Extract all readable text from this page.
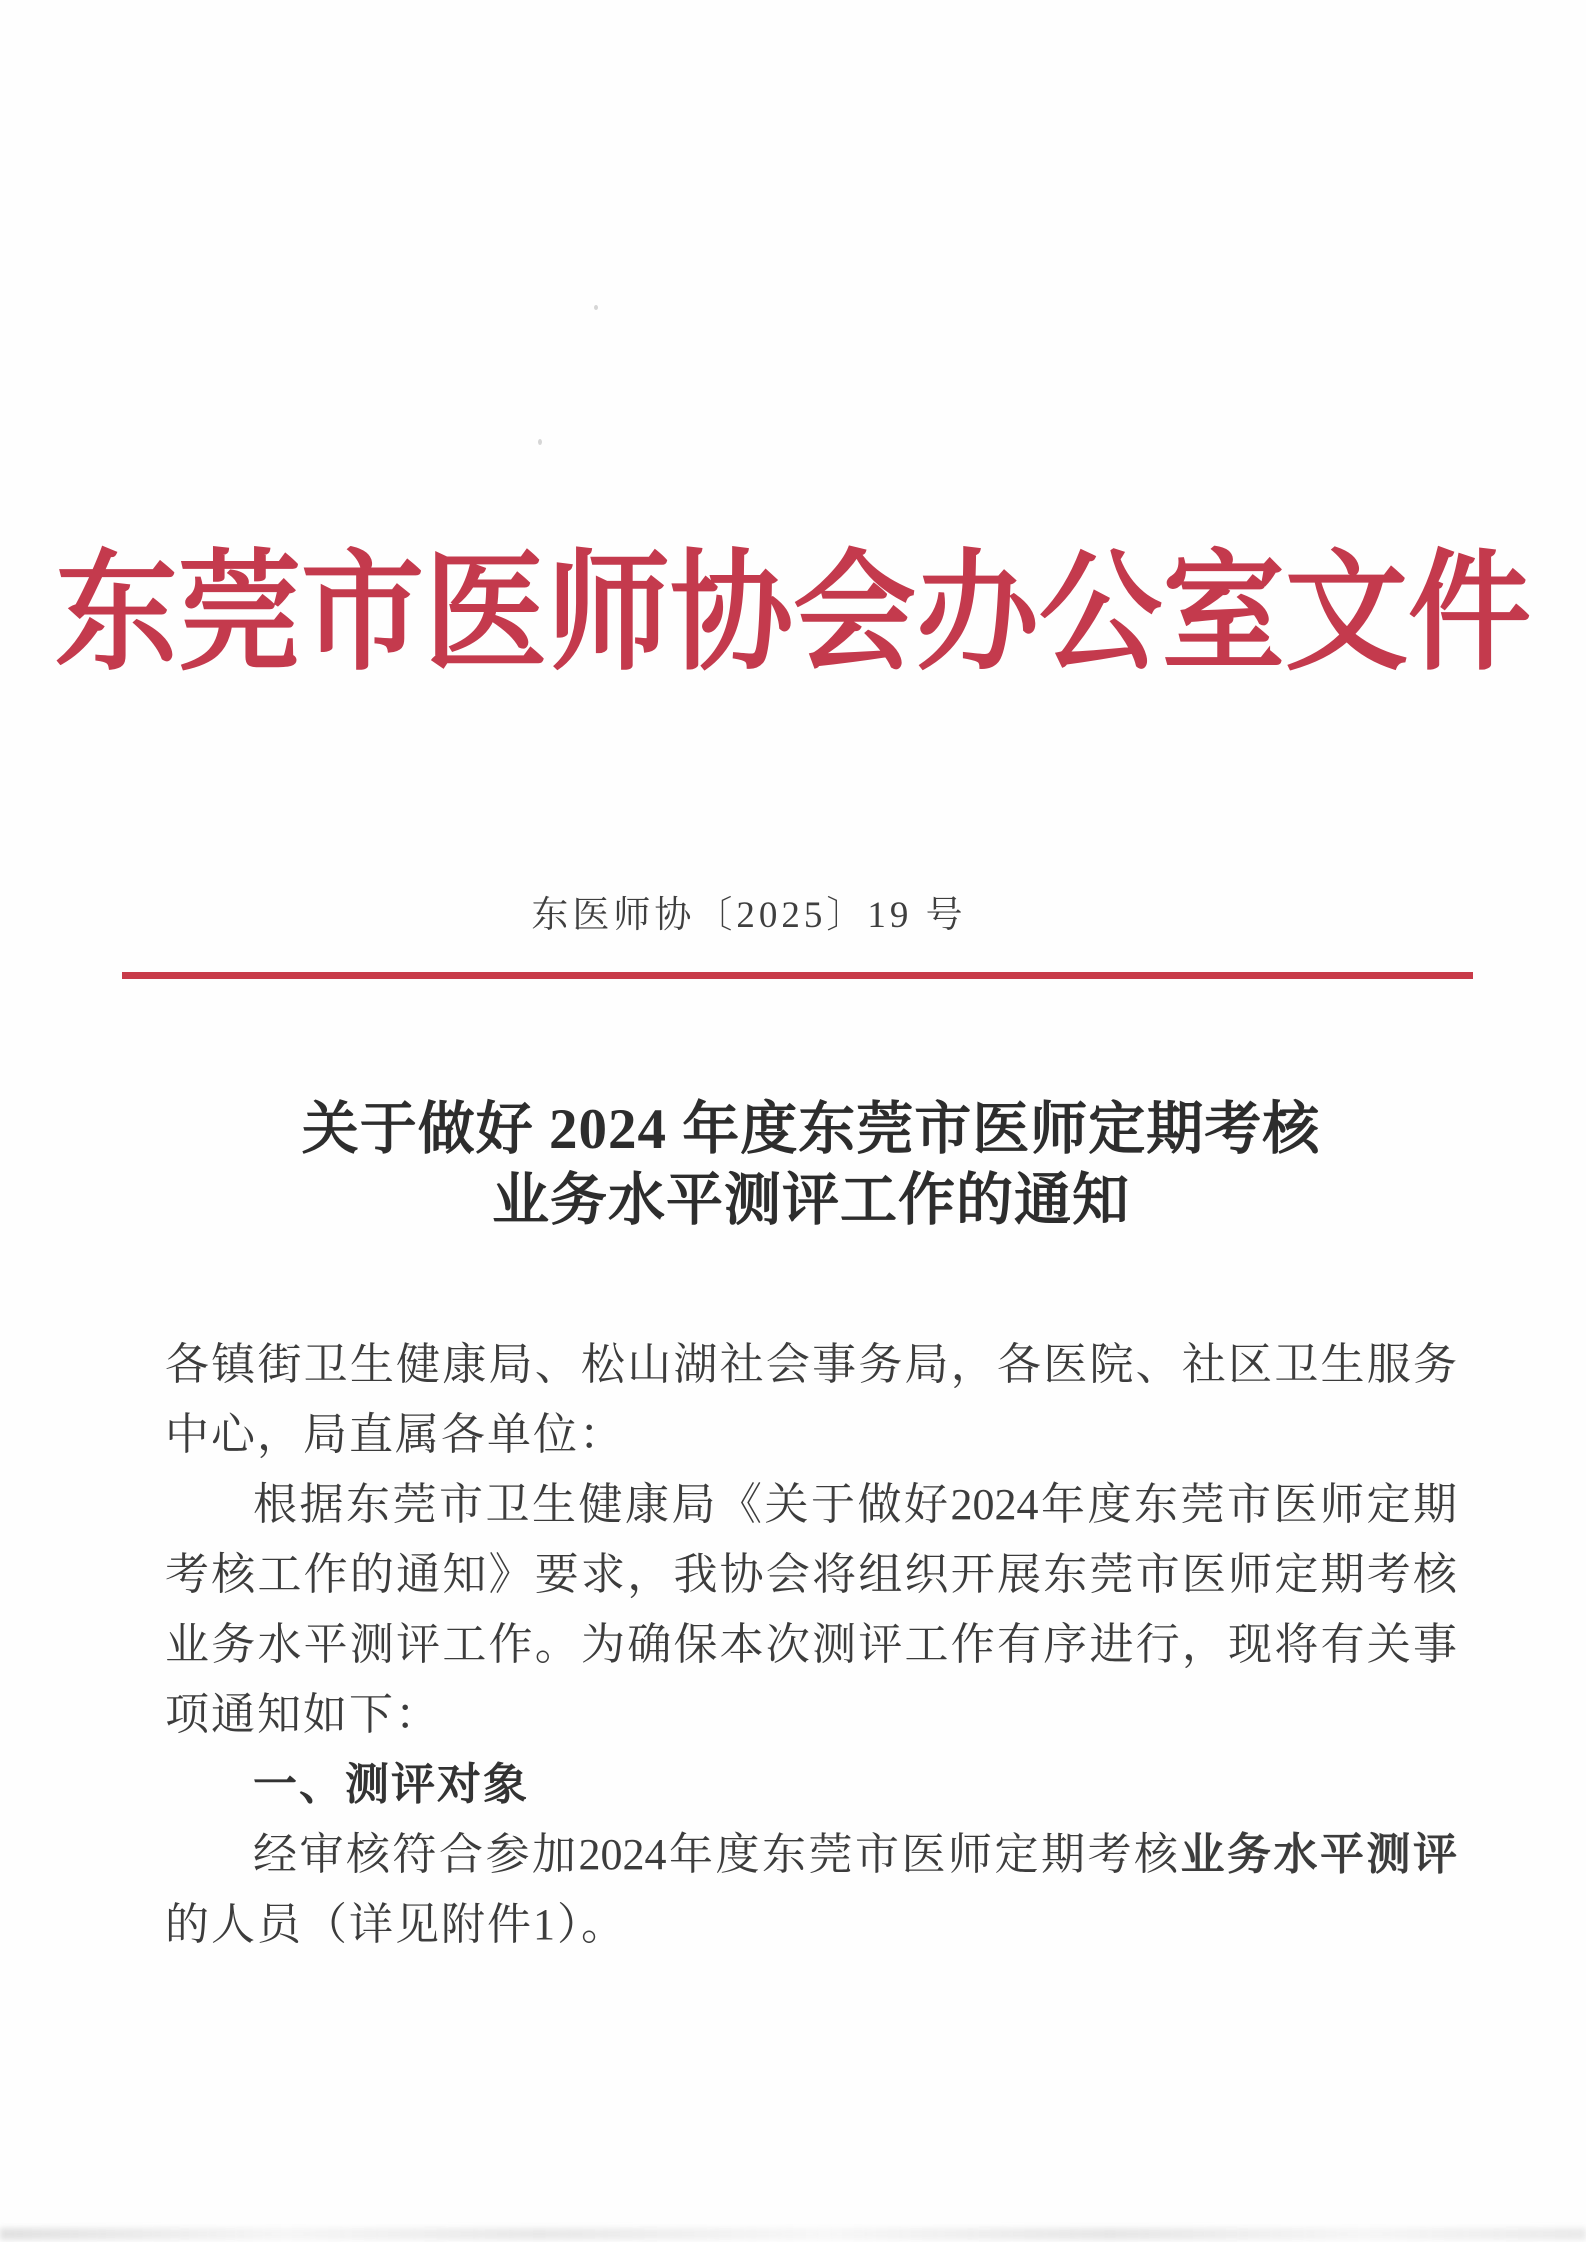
东莞市医师协会办公室文件
东医师协〔2025〕19 号
关于做好 2024 年度东莞市医师定期考核
业务水平测评工作的通知
各镇街卫生健康局、松山湖社会事务局，各医院、社区卫生服务
中心，局直属各单位：
根据东莞市卫生健康局《关于做好2024年度东莞市医师定期
考核工作的通知》要求，我协会将组织开展东莞市医师定期考核
业务水平测评工作。为确保本次测评工作有序进行，现将有关事
项通知如下：
一、测评对象
经审核符合参加2024年度东莞市医师定期考核业务水平测评
的人员（详见附件1）。
